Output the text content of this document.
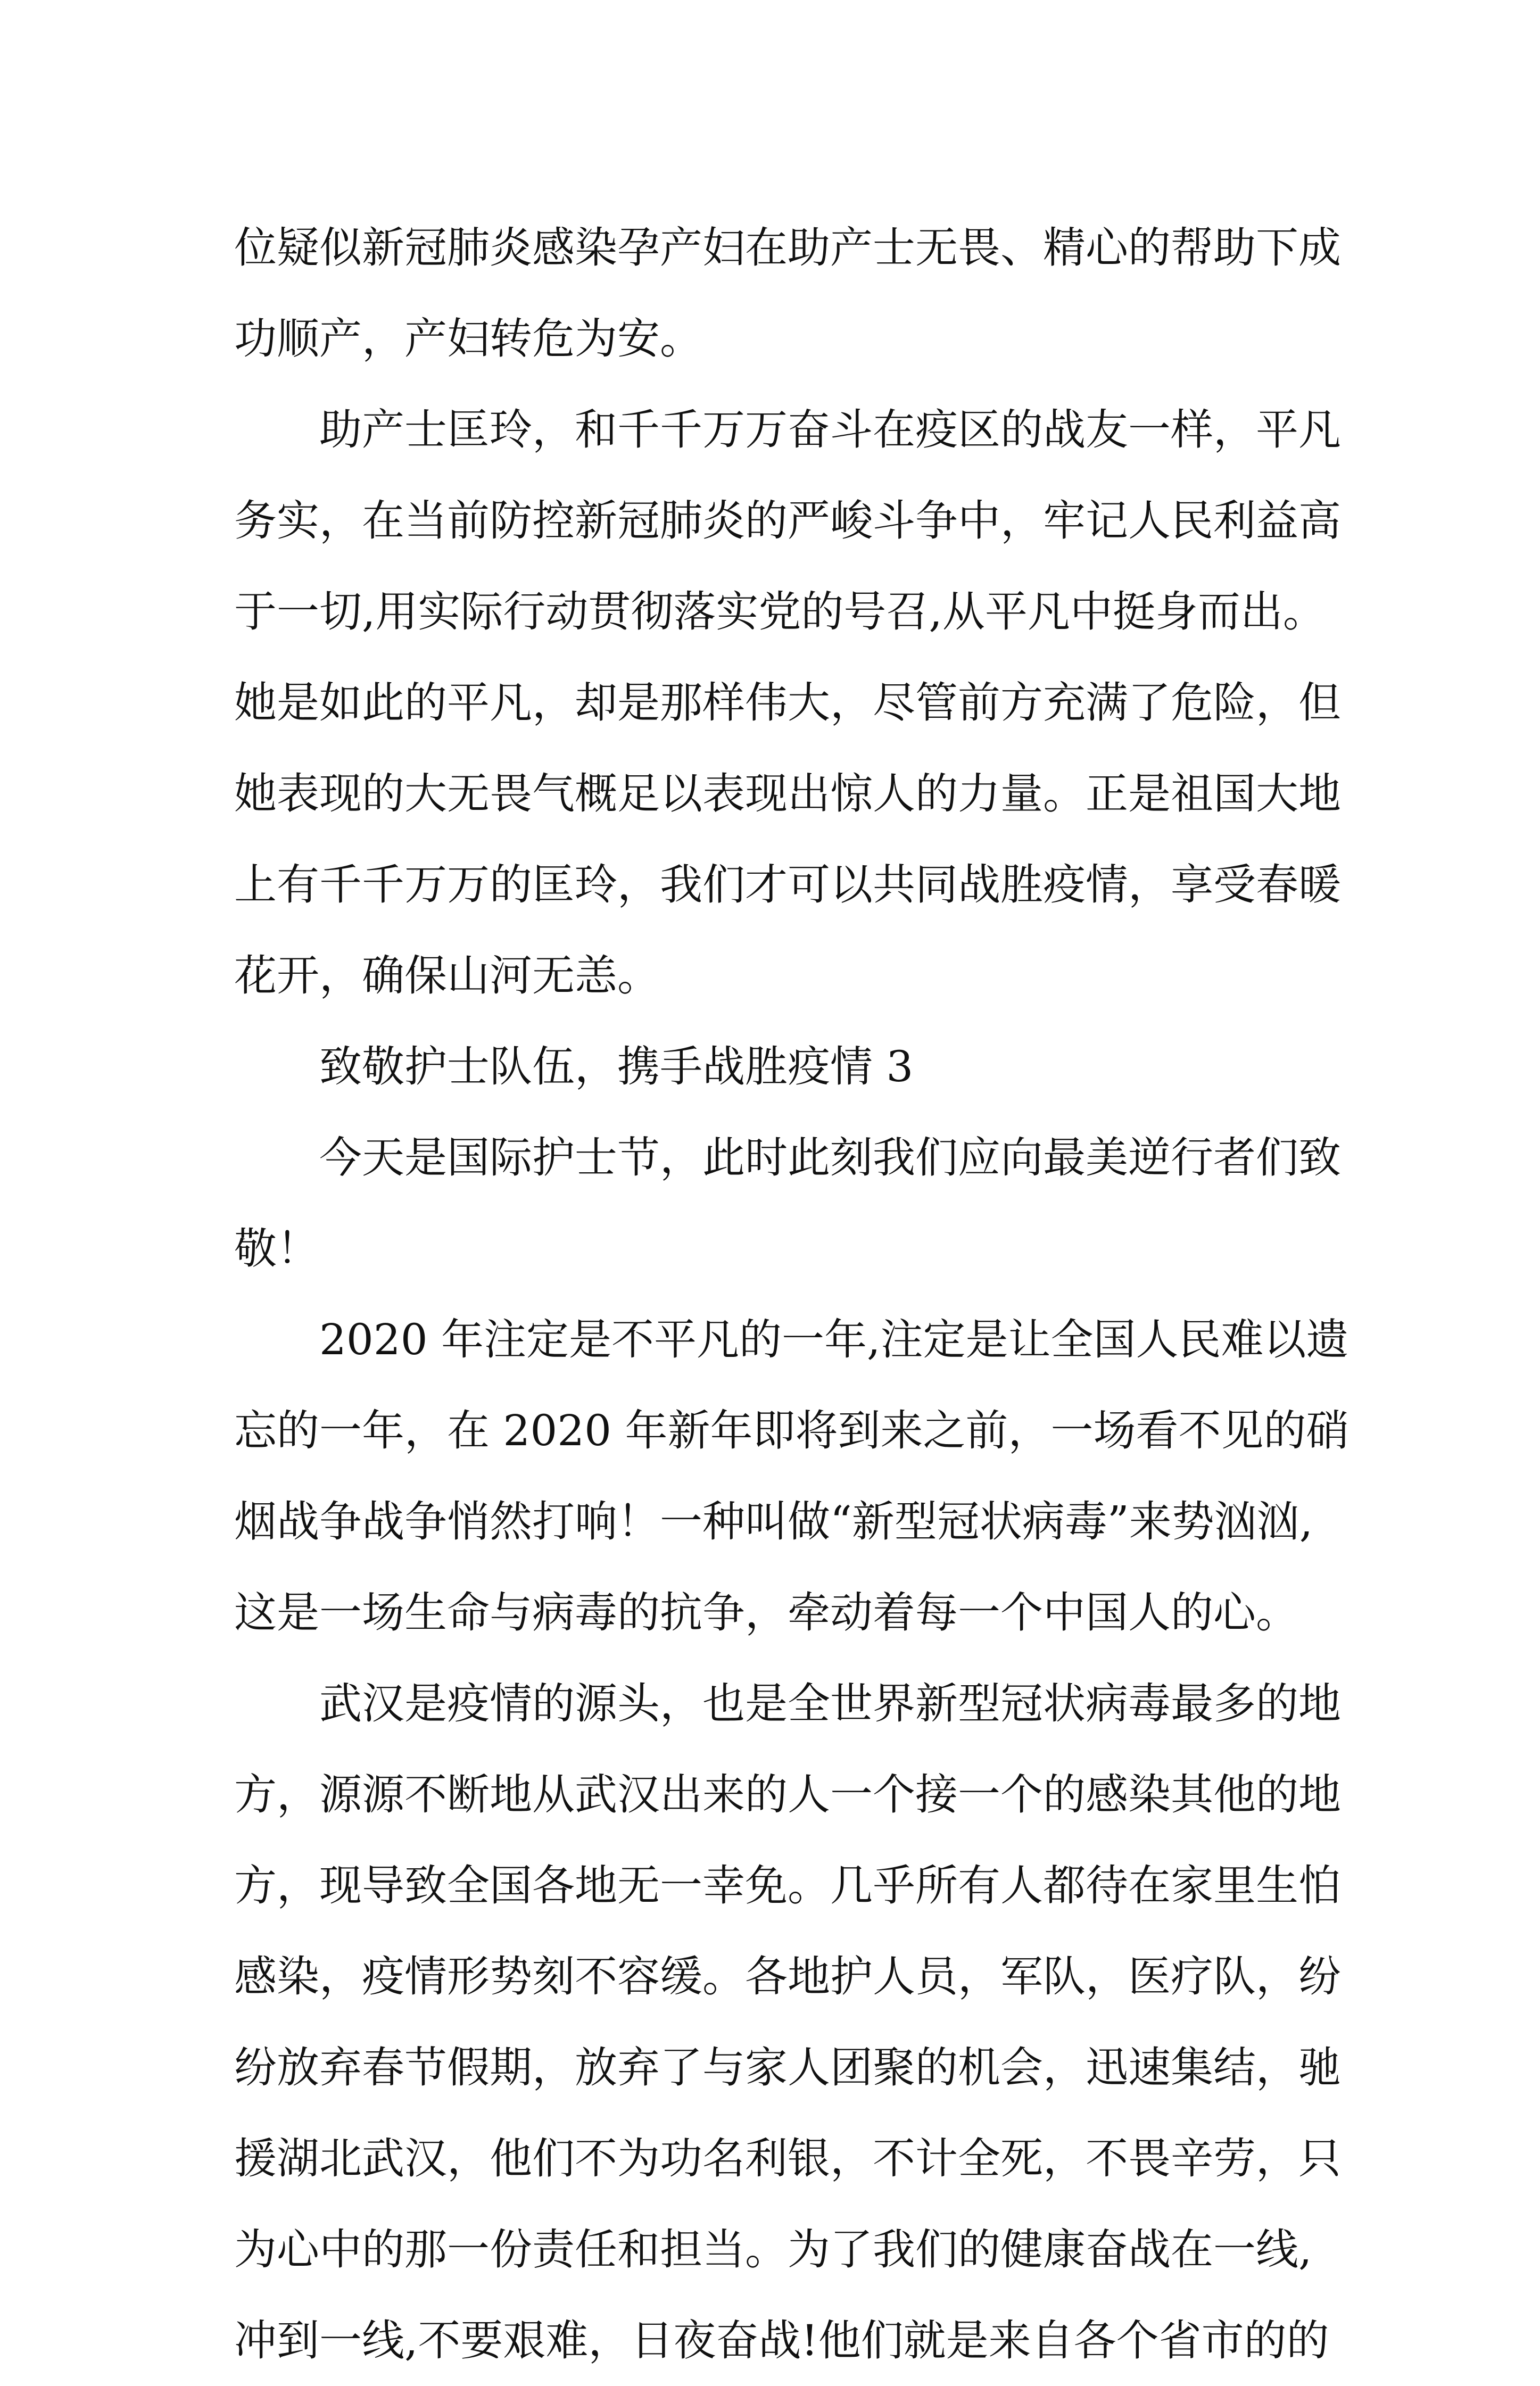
位疑似新冠肺炎感染孕产妇在助产士无畏、精心的帮助下成
功顺产，产妇转危为安。
助产士匡玲，和千千万万奋斗在疫区的战友一样，平凡
务实，在当前防控新冠肺炎的严峻斗争中，牢记人民利益高
于一切,用实际行动贯彻落实党的号召,从平凡中挺身而出。
她是如此的平凡，却是那样伟大，尽管前方充满了危险，但
她表现的大无畏气概足以表现出惊人的力量。正是祖国大地
上有千千万万的匡玲，我们才可以共同战胜疫情，享受春暖
花开，确保山河无恙。
致敬护士队伍，携手战胜疫情 3
今天是国际护士节，此时此刻我们应向最美逆行者们致
敬！
2020 年注定是不平凡的一年,注定是让全国人民难以遗
忘的一年，在 2020 年新年即将到来之前，一场看不见的硝
烟战争战争悄然打响！一种叫做“新型冠状病毒”来势汹汹,
这是一场生命与病毒的抗争，牵动着每一个中国人的心。
武汉是疫情的源头，也是全世界新型冠状病毒最多的地
方，源源不断地从武汉出来的人一个接一个的感染其他的地
方，现导致全国各地无一幸免。几乎所有人都待在家里生怕
感染，疫情形势刻不容缓。各地护人员，军队，医疗队，纷
纷放弃春节假期，放弃了与家人团聚的机会，迅速集结，驰
援湖北武汉，他们不为功名利银，不计全死，不畏辛劳，只
为心中的那一份责任和担当。为了我们的健康奋战在一线,
冲到一线,不要艰难，日夜奋战!他们就是来自各个省市的的
